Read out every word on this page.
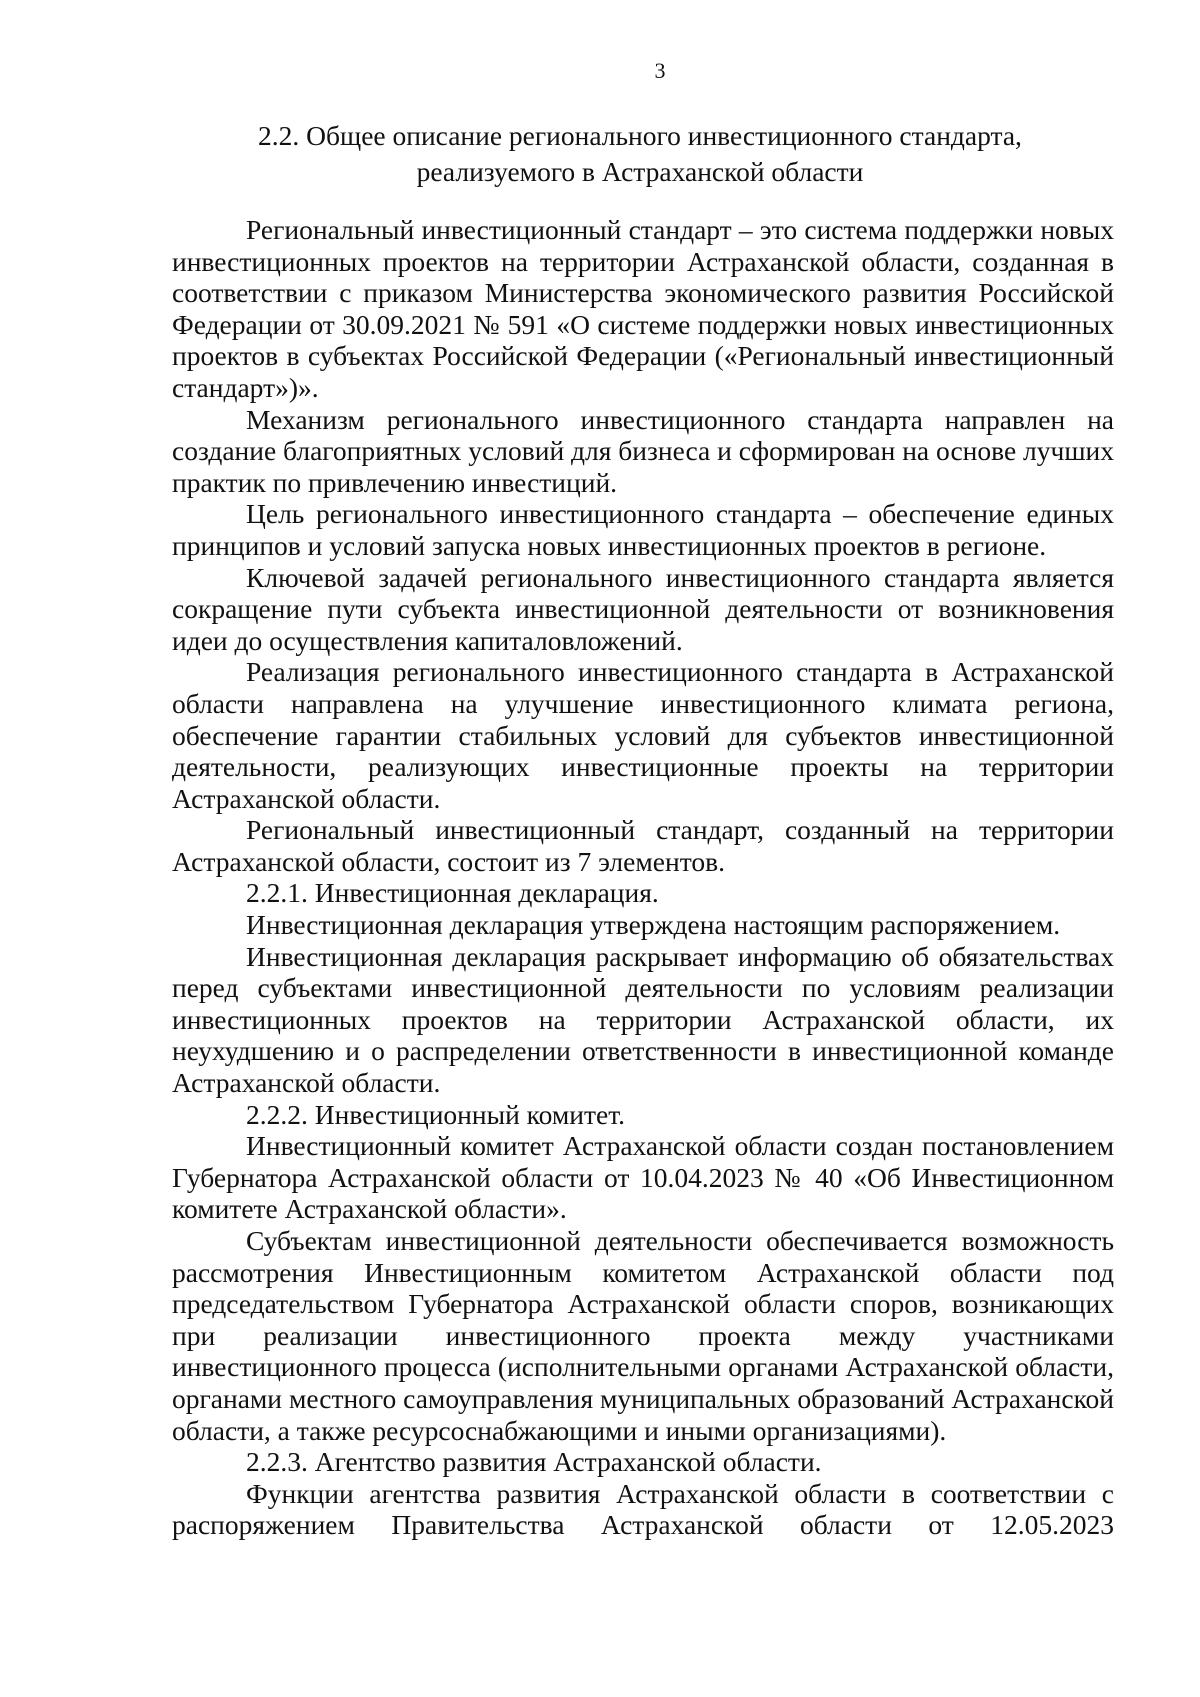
3
2.2. Общее описание регионального инвестиционного стандарта,
реализуемого в Астраханской области

Региональный инвестиционный стандарт – это система поддержки новых инвестиционных проектов на территории Астраханской области, созданная в соответствии с приказом Министерства экономического развития Российской Федерации от 30.09.2021 № 591 «О системе поддержки новых инвестиционных проектов в субъектах Российской Федерации («Региональный инвестиционный стандарт»)».

Механизм регионального инвестиционного стандарта направлен на создание благоприятных условий для бизнеса и сформирован на основе лучших практик по привлечению инвестиций.

Цель регионального инвестиционного стандарта – обеспечение единых принципов и условий запуска новых инвестиционных проектов в регионе.

Ключевой задачей регионального инвестиционного стандарта является сокращение пути субъекта инвестиционной деятельности от возникновения идеи до осуществления капиталовложений.

Реализация регионального инвестиционного стандарта в Астраханской области направлена на улучшение инвестиционного климата региона, обеспечение гарантии стабильных условий для субъектов инвестиционной деятельности, реализующих инвестиционные проекты на территории Астраханской области.

Региональный инвестиционный стандарт, созданный на территории Астраханской области, состоит из 7 элементов.

2.2.1. Инвестиционная декларация.

Инвестиционная декларация утверждена настоящим распоряжением.

Инвестиционная декларация раскрывает информацию об обязательствах перед субъектами инвестиционной деятельности по условиям реализации инвестиционных проектов на территории Астраханской области, их неухудшению и о распределении ответственности в инвестиционной команде Астраханской области.

2.2.2. Инвестиционный комитет.

Инвестиционный комитет Астраханской области создан постановлением Губернатора Астраханской области от 10.04.2023 № 40 «Об Инвестиционном комитете Астраханской области».

Субъектам инвестиционной деятельности обеспечивается возможность рассмотрения Инвестиционным комитетом Астраханской области под председательством Губернатора Астраханской области споров, возникающих при реализации инвестиционного проекта между участниками инвестиционного процесса (исполнительными органами Астраханской области, органами местного самоуправления муниципальных образований Астраханской области, а также ресурсоснабжающими и иными организациями).

2.2.3. Агентство развития Астраханской области.

Функции агентства развития Астраханской области в соответствии с распоряжением Правительства Астраханской области от 12.05.2023
